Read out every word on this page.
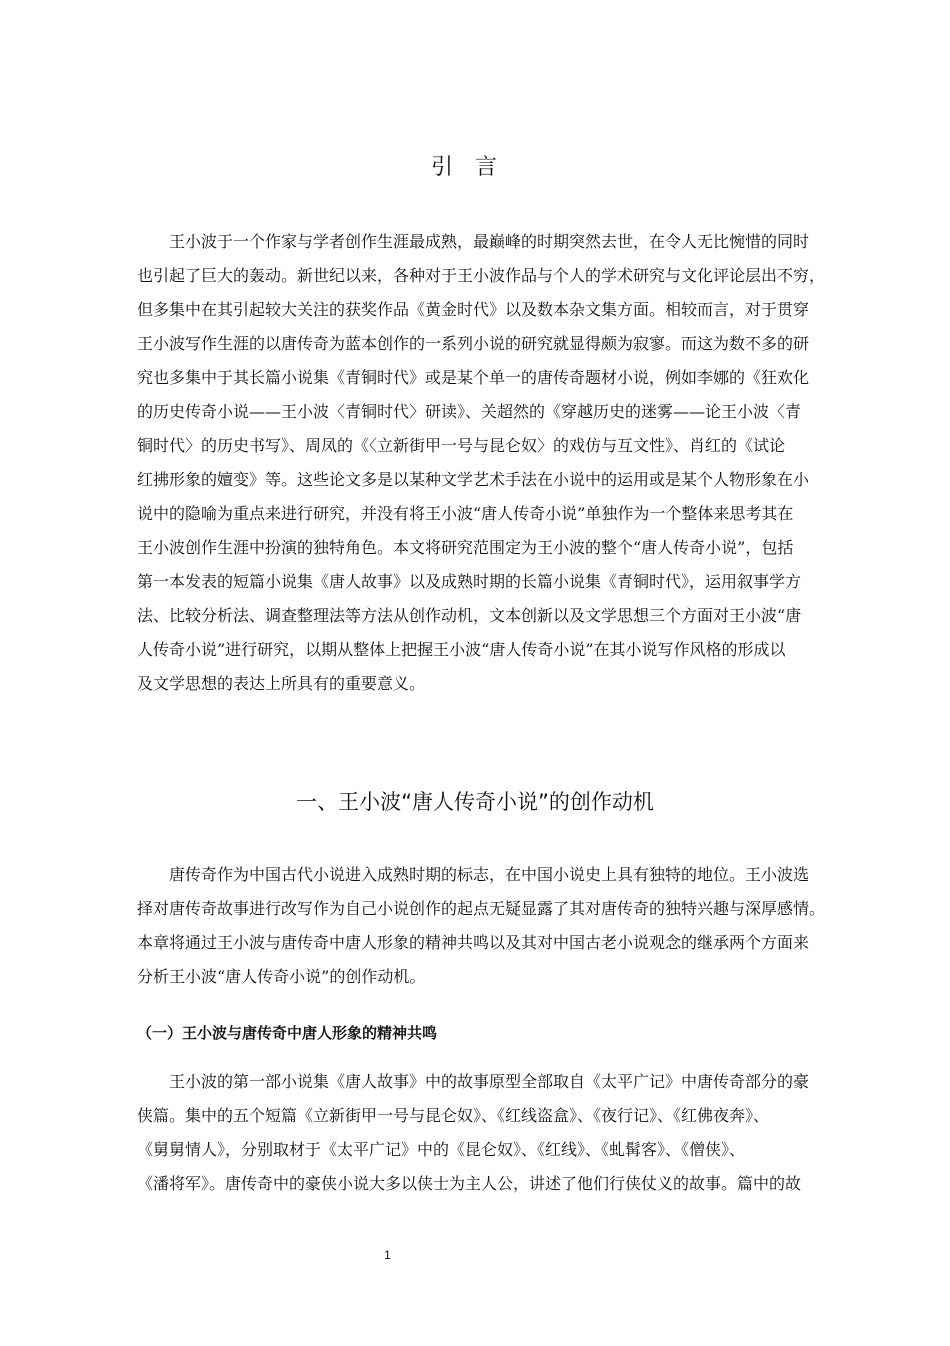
引言
　　王小波于一个作家与学者创作生涯最成熟，最巅峰的时期突然去世，在令人无比惋惜的同时
也引起了巨大的轰动。新世纪以来，各种对于王小波作品与个人的学术研究与文化评论层出不穷，
但多集中在其引起较大关注的获奖作品《黄金时代》以及数本杂文集方面。相较而言，对于贯穿
王小波写作生涯的以唐传奇为蓝本创作的一系列小说的研究就显得颇为寂寥。而这为数不多的研
究也多集中于其长篇小说集《青铜时代》或是某个单一的唐传奇题材小说，例如李娜的《狂欢化
的历史传奇小说——王小波〈青铜时代〉研读》、关超然的《穿越历史的迷雾——论王小波〈青
铜时代〉的历史书写》、周凤的《〈立新街甲一号与昆仑奴〉的戏仿与互文性》、肖红的《试论
红拂形象的嬗变》等。这些论文多是以某种文学艺术手法在小说中的运用或是某个人物形象在小
说中的隐喻为重点来进行研究，并没有将王小波“唐人传奇小说”单独作为一个整体来思考其在
王小波创作生涯中扮演的独特角色。本文将研究范围定为王小波的整个“唐人传奇小说”，包括
第一本发表的短篇小说集《唐人故事》以及成熟时期的长篇小说集《青铜时代》，运用叙事学方
法、比较分析法、调查整理法等方法从创作动机，文本创新以及文学思想三个方面对王小波“唐
人传奇小说”进行研究，以期从整体上把握王小波“唐人传奇小说”在其小说写作风格的形成以
及文学思想的表达上所具有的重要意义。
一、王小波“唐人传奇小说”的创作动机
　　唐传奇作为中国古代小说进入成熟时期的标志，在中国小说史上具有独特的地位。王小波选
择对唐传奇故事进行改写作为自己小说创作的起点无疑显露了其对唐传奇的独特兴趣与深厚感情。
本章将通过王小波与唐传奇中唐人形象的精神共鸣以及其对中国古老小说观念的继承两个方面来
分析王小波“唐人传奇小说”的创作动机。
（一）王小波与唐传奇中唐人形象的精神共鸣
　　王小波的第一部小说集《唐人故事》中的故事原型全部取自《太平广记》中唐传奇部分的豪
侠篇。集中的五个短篇《立新街甲一号与昆仑奴》、《红线盗盒》、《夜行记》、《红佛夜奔》、
《舅舅情人》，分别取材于《太平广记》中的《昆仑奴》、《红线》、《虬髯客》、《僧侠》、
《潘将军》。唐传奇中的豪侠小说大多以侠士为主人公，讲述了他们行侠仗义的故事。篇中的故
1
